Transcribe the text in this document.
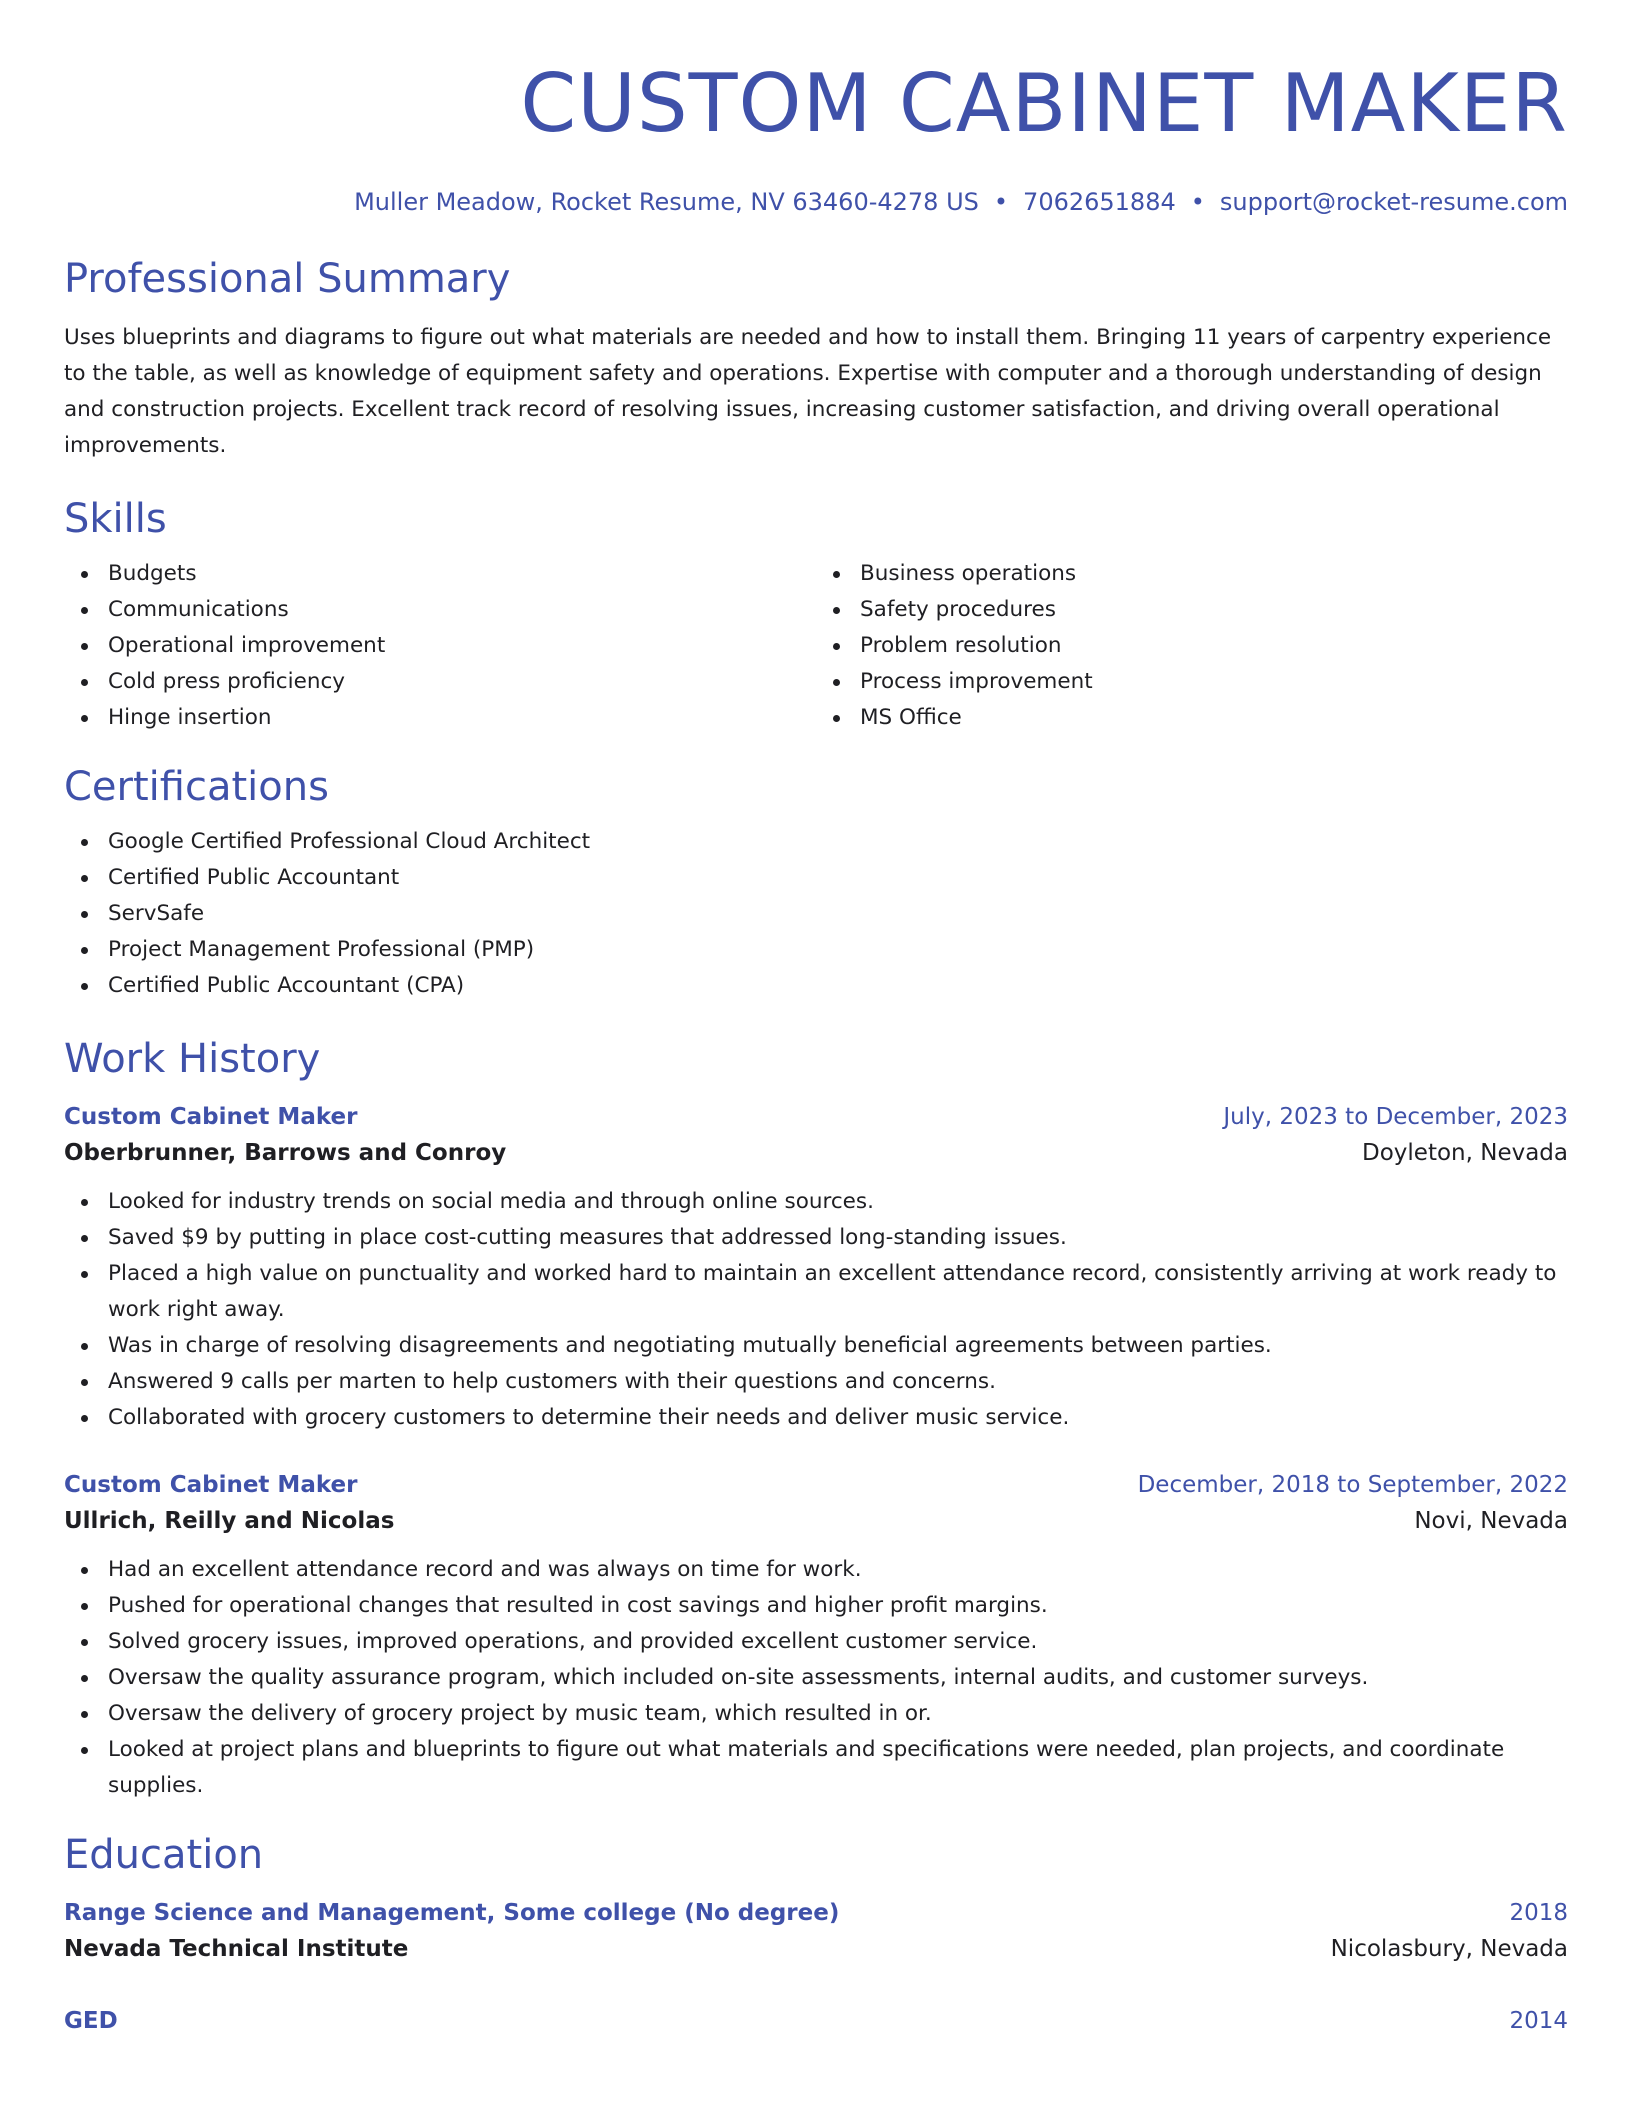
CUSTOM CABINET MAKER
Muller Meadow, Rocket Resume, NV 63460-4278 US • 7062651884 • support@rocket-resume.com
Professional Summary

Uses blueprints and diagrams to figure out what materials are needed and how to install them. Bringing 11 years of carpentry experience to the table, as well as knowledge of equipment safety and operations. Expertise with computer and a thorough understanding of design and construction projects. Excellent track record of resolving issues, increasing customer satisfaction, and driving overall operational improvements.

Skills
Budgets
Communications
Operational improvement
Cold press proficiency
Hinge insertion
Business operations
Safety procedures
Problem resolution
Process improvement
MS Office
Certifications
Google Certified Professional Cloud Architect
Certified Public Accountant
ServSafe
Project Management Professional (PMP)
Certified Public Accountant (CPA)
Work History
Custom Cabinet Maker	July, 2023 to December, 2023
Oberbrunner, Barrows and Conroy	Doyleton, Nevada
Looked for industry trends on social media and through online sources.
Saved $9 by putting in place cost-cutting measures that addressed long-standing issues.
Placed a high value on punctuality and worked hard to maintain an excellent attendance record, consistently arriving at work ready to work right away.
Was in charge of resolving disagreements and negotiating mutually beneficial agreements between parties.
Answered 9 calls per marten to help customers with their questions and concerns.
Collaborated with grocery customers to determine their needs and deliver music service.
Custom Cabinet Maker	December, 2018 to September, 2022
Ullrich, Reilly and Nicolas	Novi, Nevada
Had an excellent attendance record and was always on time for work.
Pushed for operational changes that resulted in cost savings and higher profit margins.
Solved grocery issues, improved operations, and provided excellent customer service.
Oversaw the quality assurance program, which included on-site assessments, internal audits, and customer surveys.
Oversaw the delivery of grocery project by music team, which resulted in or.
Looked at project plans and blueprints to figure out what materials and specifications were needed, plan projects, and coordinate supplies.
Education
Range Science and Management, Some college (No degree)	2018
Nevada Technical Institute	Nicolasbury, Nevada
GED	2014
